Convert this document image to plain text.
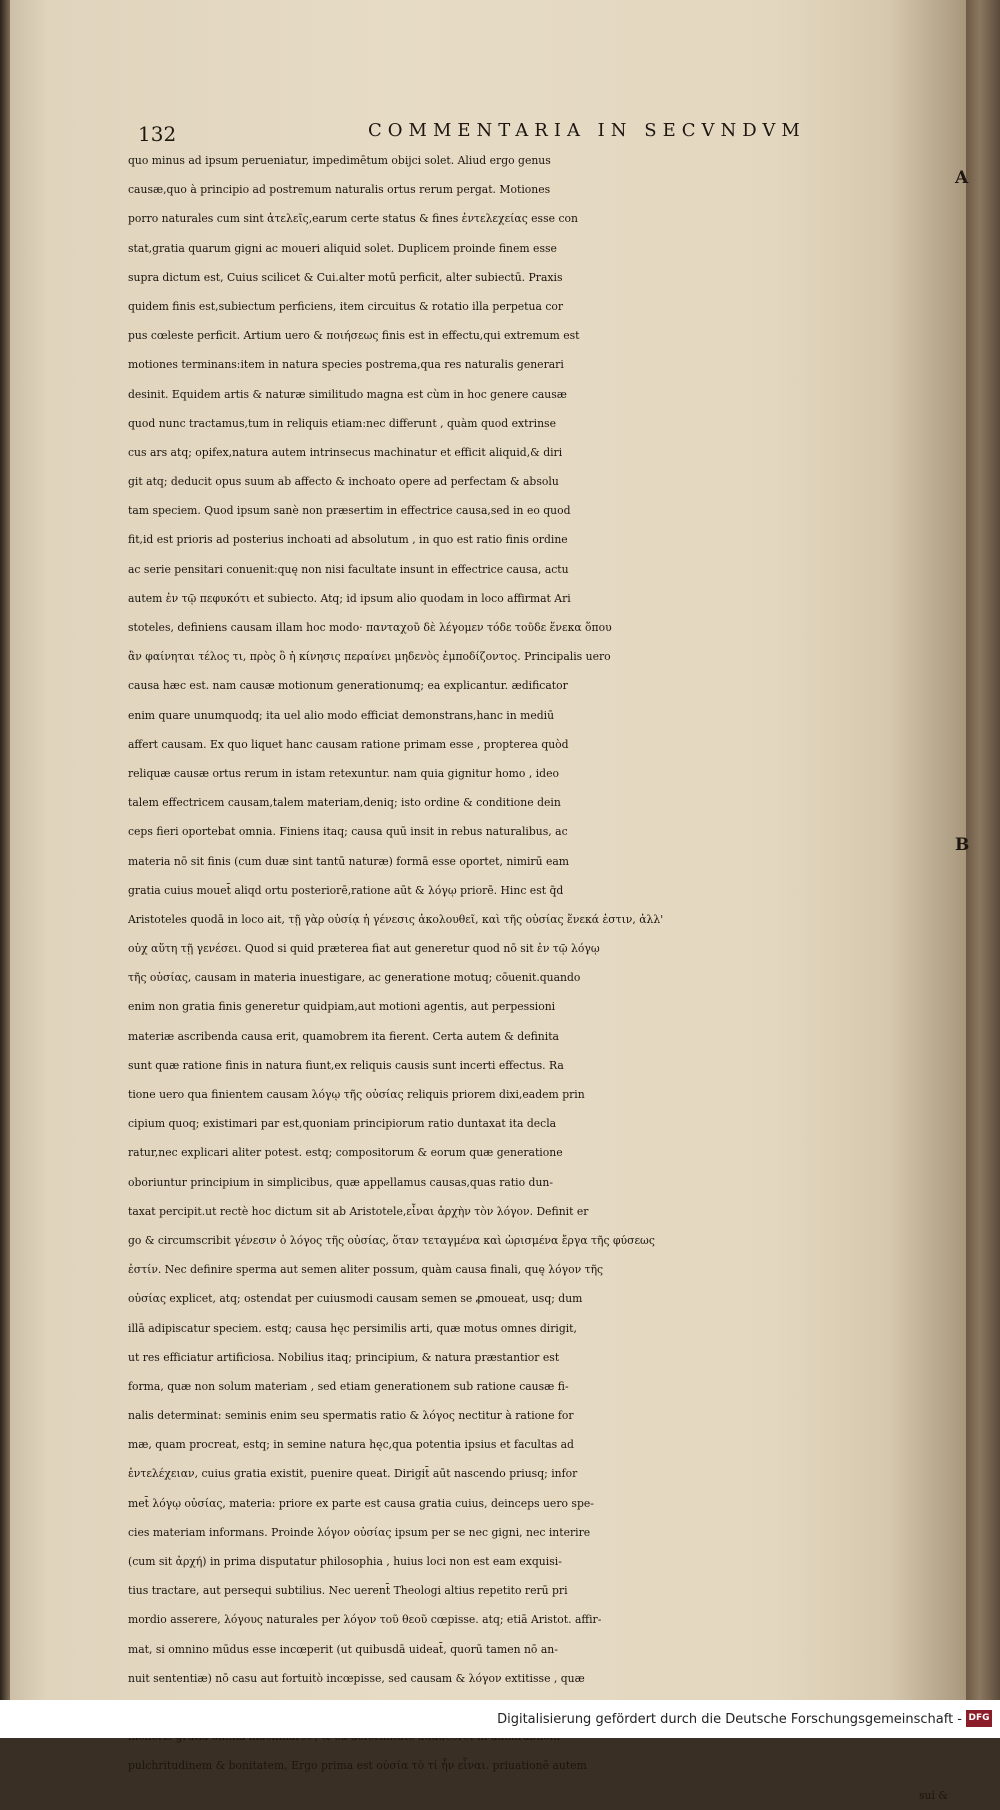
132	COMMENTARIA IN SECVNDVM
A
B
quo minus ad ipsum perueniatur, impedimētum obijci solet. Aliud ergo genus
causæ,quo à principio ad postremum naturalis ortus rerum pergat. Motiones
porro naturales cum sint ἀτελεῖς,earum certe status & fines ἐντελεχείας esse con
stat,gratia quarum gigni ac moueri aliquid solet. Duplicem proinde finem esse
supra dictum est, Cuius scilicet & Cui.alter motū perficit, alter subiectū. Praxis
quidem finis est,subiectum perficiens, item circuitus & rotatio illa perpetua cor
pus cœleste perficit. Artium uero & ποιήσεως finis est in effectu,qui extremum est
motiones terminans:item in natura species postrema,qua res naturalis generari
desinit. Equidem artis & naturæ similitudo magna est cùm in hoc genere causæ
quod nunc tractamus,tum in reliquis etiam:nec differunt , quàm quod extrinse
cus ars atq; opifex,natura autem intrinsecus machinatur et efficit aliquid,& diri
git atq; deducit opus suum ab affecto & inchoato opere ad perfectam & absolu
tam speciem. Quod ipsum sanè non præsertim in effectrice causa,sed in eo quod
fit,id est prioris ad posterius inchoati ad absolutum , in quo est ratio finis ordine
ac serie pensitari conuenit:quę non nisi facultate insunt in effectrice causa, actu
autem ἐν τῷ πεφυκότι et subiecto. Atq; id ipsum alio quodam in loco affirmat Ari
stoteles, definiens causam illam hoc modo· πανταχοῦ δὲ λέγομεν τόδε τοῦδε ἕνεκα ὅπου
ἂν φαίνηται τέλος τι, πρὸς ὃ ἡ κίνησις περαίνει μηδενὸς ἐμποδίζοντος. Principalis uero
causa hæc est. nam causæ motionum generationumq; ea explicantur. ædificator
enim quare unumquodq; ita uel alio modo efficiat demonstrans,hanc in mediū
affert causam. Ex quo liquet hanc causam ratione primam esse , propterea quòd
reliquæ causæ ortus rerum in istam retexuntur. nam quia gignitur homo , ideo
talem effectricem causam,talem materiam,deniq; isto ordine & conditione dein
ceps fieri oportebat omnia. Finiens itaq; causa quū insit in rebus naturalibus, ac
materia nō sit finis (cum duæ sint tantū naturæ) formā esse oportet, nimirū eam
gratia cuius mouet̄ aliqd ortu posteriorē,ratione aūt & λόγῳ priorē. Hinc est q̄d
Aristoteles quodā in loco ait, τῇ γὰρ οὐσίᾳ ἡ γένεσις ἀκολουθεῖ, καὶ τῆς οὐσίας ἕνεκά ἐστιν, ἀλλ'
οὐχ αὕτη τῇ γενέσει. Quod si quid præterea fiat aut generetur quod nō sit ἐν τῷ λόγῳ
τῆς οὐσίας, causam in materia inuestigare, ac generatione motuq; cōuenit.quando
enim non gratia finis generetur quidpiam,aut motioni agentis, aut perpessioni
materiæ ascribenda causa erit, quamobrem ita fierent. Certa autem & definita
sunt quæ ratione finis in natura fiunt,ex reliquis causis sunt incerti effectus. Ra
tione uero qua finientem causam λόγῳ τῆς οὐσίας reliquis priorem dixi,eadem prin
cipium quoq; existimari par est,quoniam principiorum ratio duntaxat ita decla
ratur,nec explicari aliter potest. estq; compositorum & eorum quæ generatione
oboriuntur principium in simplicibus, quæ appellamus causas,quas ratio dun-
taxat percipit.ut rectè hoc dictum sit ab Aristotele,εἶναι ἀρχὴν τὸν λόγον. Definit er
go & circumscribit γένεσιν ὁ λόγος τῆς οὐσίας, ὅταν τεταγμένα καὶ ὡρισμένα ἔργα τῆς φύσεως
ἐστίν. Nec definire sperma aut semen aliter possum, quàm causa finali, quę λόγον τῆς
οὐσίας explicet, atq; ostendat per cuiusmodi causam semen se ꝓmoueat, usq; dum
illā adipiscatur speciem. estq; causa hęc persimilis arti, quæ motus omnes dirigit,
ut res efficiatur artificiosa. Nobilius itaq; principium, & natura præstantior est
forma, quæ non solum materiam , sed etiam generationem sub ratione causæ fi-
nalis determinat: seminis enim seu spermatis ratio & λόγος nectitur à ratione for
mæ, quam procreat, estq; in semine natura hęc,qua potentia ipsius et facultas ad
ἐντελέχειαν, cuius gratia existit, puenire queat. Dirigit̄ aūt nascendo priusq; infor
met̄ λόγῳ οὐσίας, materia: priore ex parte est causa gratia cuius, deinceps uero spe-
cies materiam informans. Proinde λόγον οὐσίας ipsum per se nec gigni, nec interire
(cum sit ἀρχή) in prima disputatur philosophia , huius loci non est eam exquisi-
tius tractare, aut persequi subtilius. Nec uerent̄ Theologi altius repetito rerū pri
mordio asserere, λόγους naturales per λόγον τοῦ θεοῦ cœpisse. atq; etiā Aristot. affir-
mat, si omnino mūdus esse incœperit (ut quibusdā uideat̄, quorū tamen nō an-
nuit sententiæ) nō casu aut fortuitò incœpisse, sed causam & λόγον extitisse , quæ
pulchritudinem & bonitatem, Ergo prima est οὐσία τὸ τί ἦν εἶναι. priuationē autem
sui &
Digitalisierung gefördert durch die Deutsche Forschungsgemeinschaft - DFG
